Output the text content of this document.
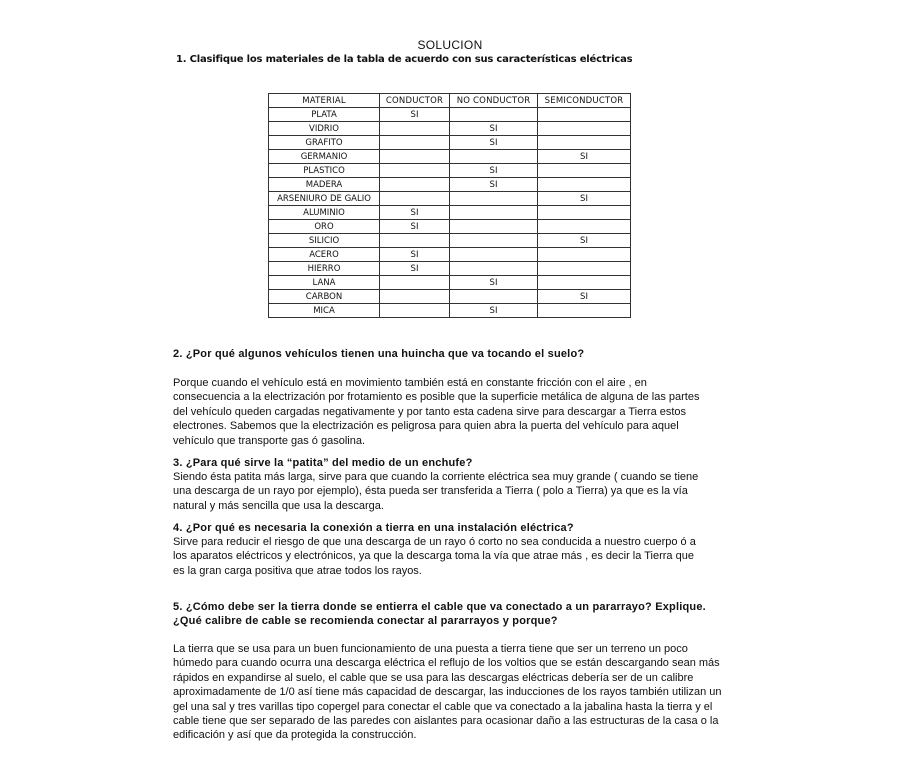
SOLUCION
1. Clasifique los materiales de la tabla de acuerdo con sus características eléctricas
MATERIAL	CONDUCTOR	NO CONDUCTOR	SEMICONDUCTOR
PLATA	SI		
VIDRIO		SI	
GRAFITO		SI	
GERMANIO			SI
PLASTICO		SI	
MADERA		SI	
ARSENIURO DE GALIO			SI
ALUMINIO	SI		
ORO	SI		
SILICIO			SI
ACERO	SI		
HIERRO	SI		
LANA		SI	
CARBON			SI
MICA		SI	
2. ¿Por qué algunos vehículos tienen una huincha que va tocando el suelo?
Porque cuando el vehículo está en movimiento también está en constante fricción con el aire , en
consecuencia a la electrización por frotamiento es posible que la superficie metálica de alguna de las partes
del vehículo queden cargadas negativamente y por tanto esta cadena sirve para descargar a Tierra estos
electrones. Sabemos que la electrización es peligrosa para quien abra la puerta del vehículo para aquel
vehículo que transporte gas ó gasolina.
3. ¿Para qué sirve la “patita” del medio de un enchufe?
Siendo ésta patita más larga, sirve para que cuando la corriente eléctrica sea muy grande ( cuando se tiene
una descarga de un rayo por ejemplo), ésta pueda ser transferida a Tierra ( polo a Tierra) ya que es la vía
natural y más sencilla que usa la descarga.
4. ¿Por qué es necesaria la conexión a tierra en una instalación eléctrica?
Sirve para reducir el riesgo de que una descarga de un rayo ó corto no sea conducida a nuestro cuerpo ó a
los aparatos eléctricos y electrónicos, ya que la descarga toma la vía que atrae más , es decir la Tierra que
es la gran carga positiva que atrae todos los rayos.
5. ¿Cómo debe ser la tierra donde se entierra el cable que va conectado a un pararrayo? Explique.
¿Qué calibre de cable se recomienda conectar al pararrayos y porque?
La tierra que se usa para un buen funcionamiento de una puesta a tierra tiene que ser un terreno un poco
húmedo para cuando ocurra una descarga eléctrica el reflujo de los voltios que se están descargando sean más
rápidos en expandirse al suelo, el cable que se usa para las descargas eléctricas debería ser de un calibre
aproximadamente de 1/0 así tiene más capacidad de descargar, las inducciones de los rayos también utilizan un
gel una sal y tres varillas tipo copergel para conectar el cable que va conectado a la jabalina hasta la tierra y el
cable tiene que ser separado de las paredes con aislantes para ocasionar daño a las estructuras de la casa o la
edificación y así que da protegida la construcción.
